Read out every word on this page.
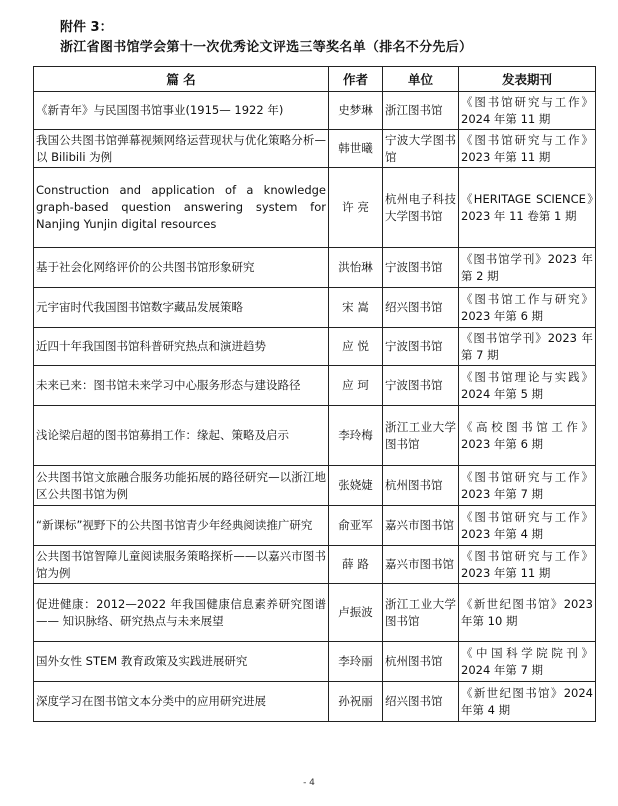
附件 3：
浙江省图书馆学会第十一次优秀论文评选三等奖名单（排名不分先后）
篇 名	作者	单位	发表期刊
《新青年》与民国图书馆事业(1915— 1922 年)	史梦琳	浙江图书馆	《图书馆研究与工作》2024 年第 11 期
我国公共图书馆弹幕视频网络运营现状与优化策略分析—以 Bilibili 为例	韩世曦	宁波大学图书馆	《图书馆研究与工作》2023 年第 11 期
Construction and application of a knowledge graph-based question answering system for Nanjing Yunjin digital resources	许 亮	杭州电子科技大学图书馆	《HERITAGE SCIENCE》2023 年 11 卷第 1 期
基于社会化网络评价的公共图书馆形象研究	洪怡琳	宁波图书馆	《图书馆学刊》2023 年第 2 期
元宇宙时代我国图书馆数字藏品发展策略	宋 嵩	绍兴图书馆	《图书馆工作与研究》2023 年第 6 期
近四十年我国图书馆科普研究热点和演进趋势	应 悦	宁波图书馆	《图书馆学刊》2023 年第 7 期
未来已来：图书馆未来学习中心服务形态与建设路径	应 珂	宁波图书馆	《图书馆理论与实践》2024 年第 5 期
浅论梁启超的图书馆募捐工作：缘起、策略及启示	李玲梅	浙江工业大学图书馆	《高校图书馆工作》2023 年第 6 期
公共图书馆文旅融合服务功能拓展的路径研究—以浙江地区公共图书馆为例	张娆婕	杭州图书馆	《图书馆研究与工作》2023 年第 7 期
“新课标”视野下的公共图书馆青少年经典阅读推广研究	俞亚军	嘉兴市图书馆	《图书馆研究与工作》2023 年第 4 期
公共图书馆智障儿童阅读服务策略探析——以嘉兴市图书馆为例	薛 路	嘉兴市图书馆	《图书馆研究与工作》2023 年第 11 期
促进健康：2012—2022 年我国健康信息素养研究图谱—— 知识脉络、研究热点与未来展望	卢振波	浙江工业大学图书馆	《新世纪图书馆》2023 年第 10 期
国外女性 STEM 教育政策及实践进展研究	李玲丽	杭州图书馆	《中国科学院院刊》2024 年第 7 期
深度学习在图书馆文本分类中的应用研究进展	孙祝丽	绍兴图书馆	《新世纪图书馆》2024 年第 4 期
- 4
